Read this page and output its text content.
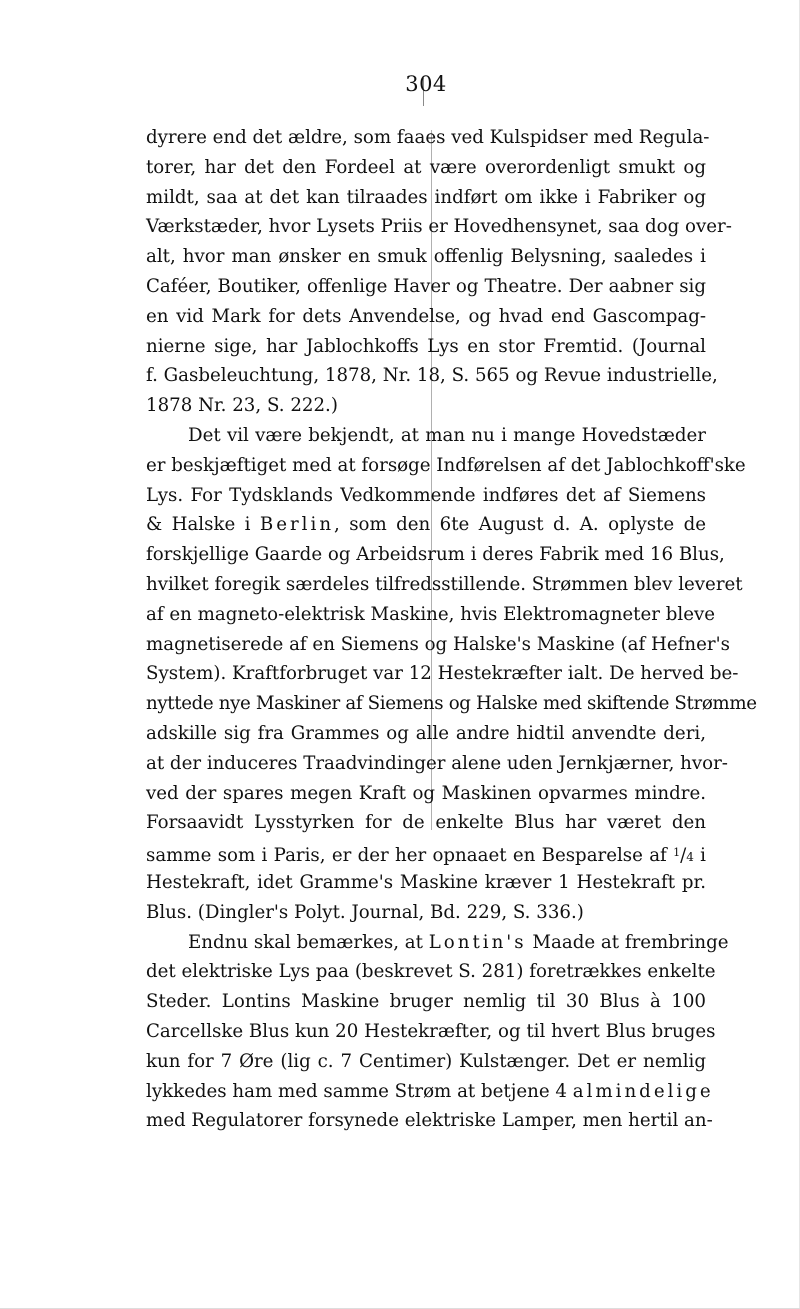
304
dyrere end det ældre, som faaes ved Kulspidser med Regula-
torer, har det den Fordeel at være overordenligt smukt og
mildt, saa at det kan tilraades indført om ikke i Fabriker og
Værkstæder, hvor Lysets Priis er Hovedhensynet, saa dog over-
alt, hvor man ønsker en smuk offenlig Belysning, saaledes i
Caféer, Boutiker, offenlige Haver og Theatre. Der aabner sig
en vid Mark for dets Anvendelse, og hvad end Gascompag-
nierne sige, har Jablochkoffs Lys en stor Fremtid. (Journal
f. Gasbeleuchtung, 1878, Nr. 18, S. 565 og Revue industrielle,
1878 Nr. 23, S. 222.)
Det vil være bekjendt, at man nu i mange Hovedstæder
er beskjæftiget med at forsøge Indførelsen af det Jablochkoff'ske
Lys. For Tydsklands Vedkommende indføres det af Siemens
& Halske i Berlin, som den 6te August d. A. oplyste de
forskjellige Gaarde og Arbeidsrum i deres Fabrik med 16 Blus,
hvilket foregik særdeles tilfredsstillende. Strømmen blev leveret
af en magneto-elektrisk Maskine, hvis Elektromagneter bleve
magnetiserede af en Siemens og Halske's Maskine (af Hefner's
System). Kraftforbruget var 12 Hestekræfter ialt. De herved be-
nyttede nye Maskiner af Siemens og Halske med skiftende Strømme
adskille sig fra Grammes og alle andre hidtil anvendte deri,
at der induceres Traadvindinger alene uden Jernkjærner, hvor-
ved der spares megen Kraft og Maskinen opvarmes mindre.
Forsaavidt Lysstyrken for de enkelte Blus har været den
samme som i Paris, er der her opnaaet en Besparelse af $^1$/4 i
Hestekraft, idet Gramme's Maskine kræver 1 Hestekraft pr.
Blus. (Dingler's Polyt. Journal, Bd. 229, S. 336.)
Endnu skal bemærkes, at Lontin's Maade at frembringe
det elektriske Lys paa (beskrevet S. 281) foretrækkes enkelte
Steder. Lontins Maskine bruger nemlig til 30 Blus à 100
Carcellske Blus kun 20 Hestekræfter, og til hvert Blus bruges
kun for 7 Øre (lig c. 7 Centimer) Kulstænger. Det er nemlig
lykkedes ham med samme Strøm at betjene 4 almindelige
med Regulatorer forsynede elektriske Lamper, men hertil an-
